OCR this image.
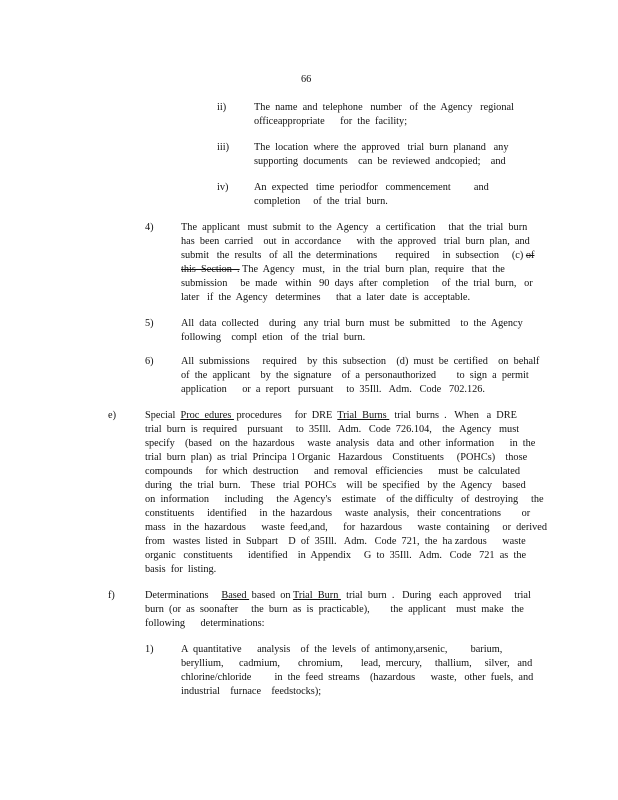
66
ii)	The  name  and  telephone   number   of  the  Agency   regional
officeappropriate      for  the  facility;
iii) The  location  where  the  approved   trial  burn  planand   any
supporting  documents    can  be  reviewed  andcopied;    and
iv) An  expected   time  periodfor   commencement         and
completion     of  the  trial  burn.
4)	The  applicant   must  submit  to  the  Agency   a  certification     that  the  trial  burn
has  been  carried    out  in  accordance      with  the  approved   trial  burn  plan,  and
submit   the  results   of  all  the  determinations       required     in  subsection     (c) of
this  Section  . The  Agency   must,   in  the  trial  burn  plan,  require   that  the
submission     be  made   within   90  days  after  completion     of  the  trial  burn,   or
later   if  the  Agency   determines      that  a  later  date  is  acceptable.
5)	All  data  collected    during   any  trial  burn  must  be  submitted    to  the  Agency
following    compl  etion   of  the  trial  burn.
6)	All  submissions     required    by  this  subsection    (d)  must  be  certified    on  behalf
of  the  applicant    by  the  signature    of  a  personauthorized        to  sign  a  permit
application      or  a  report   pursuant     to  35Ill.   Adm.   Code   702.126.
e)	Special  Proc  edures  procedures     for  DRE  Trial  Burns   trial  burns  .   When   a  DRE
trial  burn  is  required    pursuant     to  35Ill.   Adm.   Code  726.104,    the  Agency   must
specify    (based   on  the  hazardous     waste  analysis   data  and  other  information      in  the
trial  burn  plan)  as  trial  Principa  l Organic   Hazardous    Constituents     (POHCs)    those
compounds     for  which  destruction      and  removal   efficiencies      must  be  calculated
during   the  trial  burn.    These   trial  POHCs    will  be  specified   by  the  Agency    based
on  information      including     the  Agency's    estimate    of  the difficulty   of  destroying     the
constituents     identified     in  the  hazardous     waste  analysis,   their  concentrations        or
mass   in  the  hazardous      waste  feed,and,      for  hazardous      waste  containing     or  derived
from   wastes  listed  in  Subpart    D  of  35Ill.   Adm.   Code  721,  the  ha zardous      waste
organic   constituents      identified    in  Appendix     G  to  35Ill.   Adm.   Code   721  as  the
basis  for  listing.
f)	Determinations     Based  based  on Trial  Burn   trial  burn  .   During   each  approved     trial
burn  (or  as  soonafter     the  burn  as  is  practicable),        the  applicant    must  make   the
following      determinations:
1)	A  quantitative      analysis    of  the  levels  of  antimony,arsenic,         barium,
beryllium,      cadmium,       chromium,       lead,  mercury,     thallium,     silver,   and
chlorine/chloride         in  the  feed  streams    (hazardous      waste,   other  fuels,  and
industrial    furnace    feedstocks);
